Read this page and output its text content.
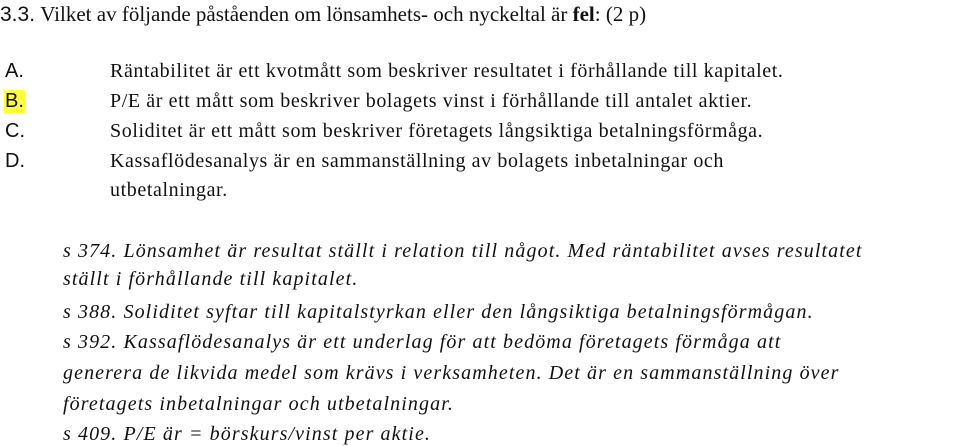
3.3. Vilket av följande påståenden om lönsamhets- och nyckeltal är fel: (2 p)
A.	Räntabilitet är ett kvotmått som beskriver resultatet i förhållande till kapitalet.
B.	P/E är ett mått som beskriver bolagets vinst i förhållande till antalet aktier.
C.	Soliditet är ett mått som beskriver företagets långsiktiga betalningsförmåga.
D.	Kassaflödesanalys är en sammanställning av bolagets inbetalningar och
utbetalningar.
s 374. Lönsamhet är resultat ställt i relation till något. Med räntabilitet avses resultatet
ställt i förhållande till kapitalet.
s 388. Soliditet syftar till kapitalstyrkan eller den långsiktiga betalningsförmågan.
s 392. Kassaflödesanalys är ett underlag för att bedöma företagets förmåga att
generera de likvida medel som krävs i verksamheten. Det är en sammanställning över
företagets inbetalningar och utbetalningar.
s 409. P/E är = börskurs/vinst per aktie.
